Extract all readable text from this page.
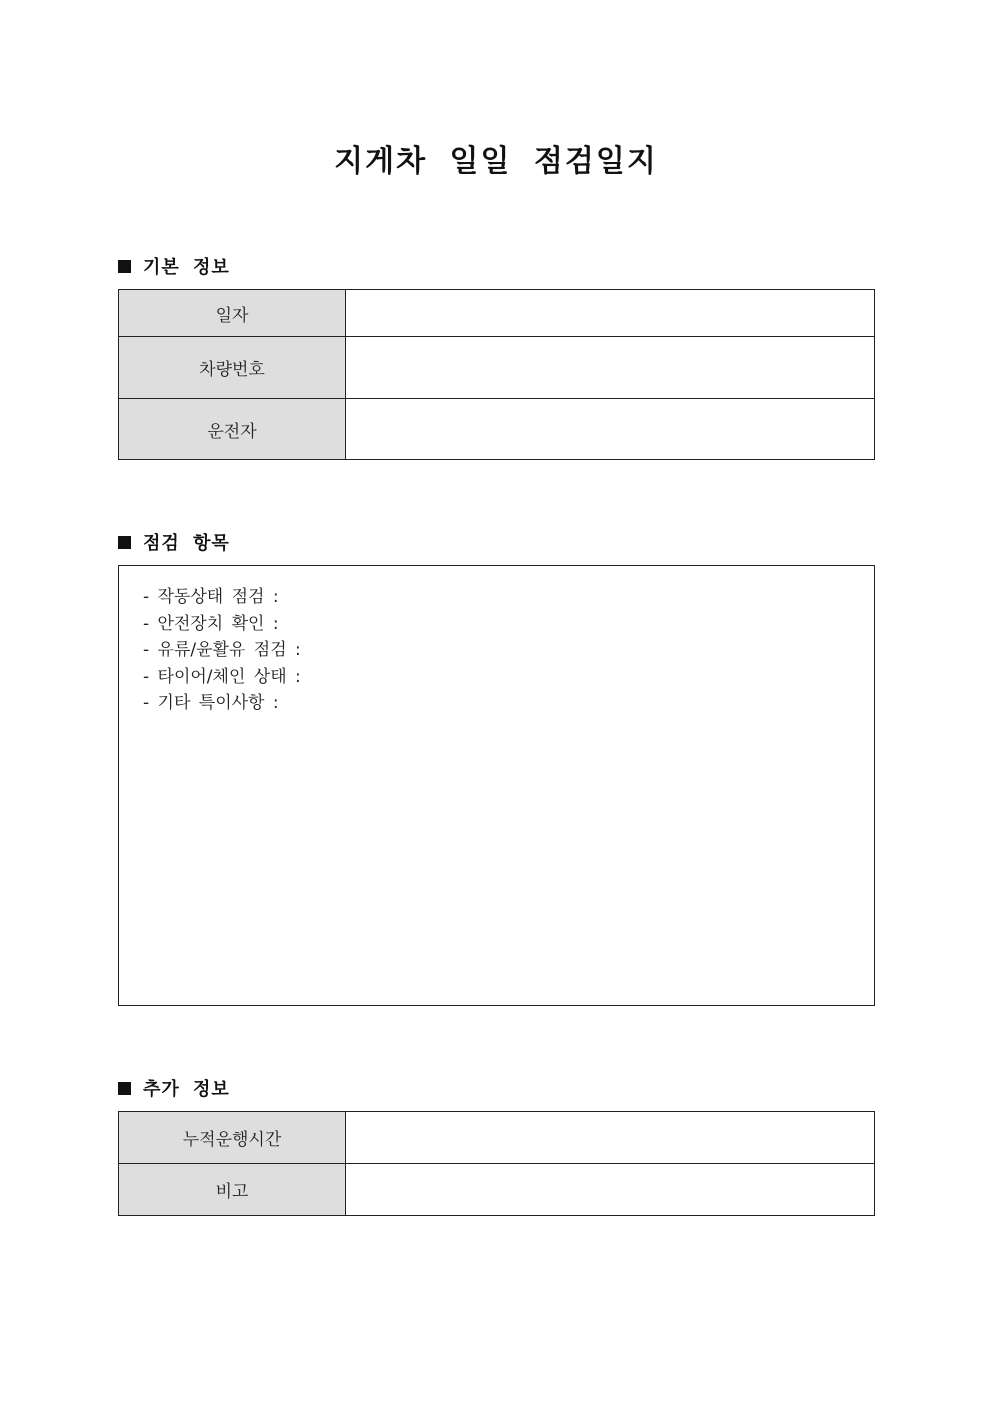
지게차 일일 점검일지
기본 정보
일자	
차량번호	
운전자	
점검 항목
- 작동상태 점검 :
- 안전장치 확인 :
- 유류/윤활유 점검 :
- 타이어/체인 상태 :
- 기타 특이사항 :
추가 정보
누적운행시간	
비고	
